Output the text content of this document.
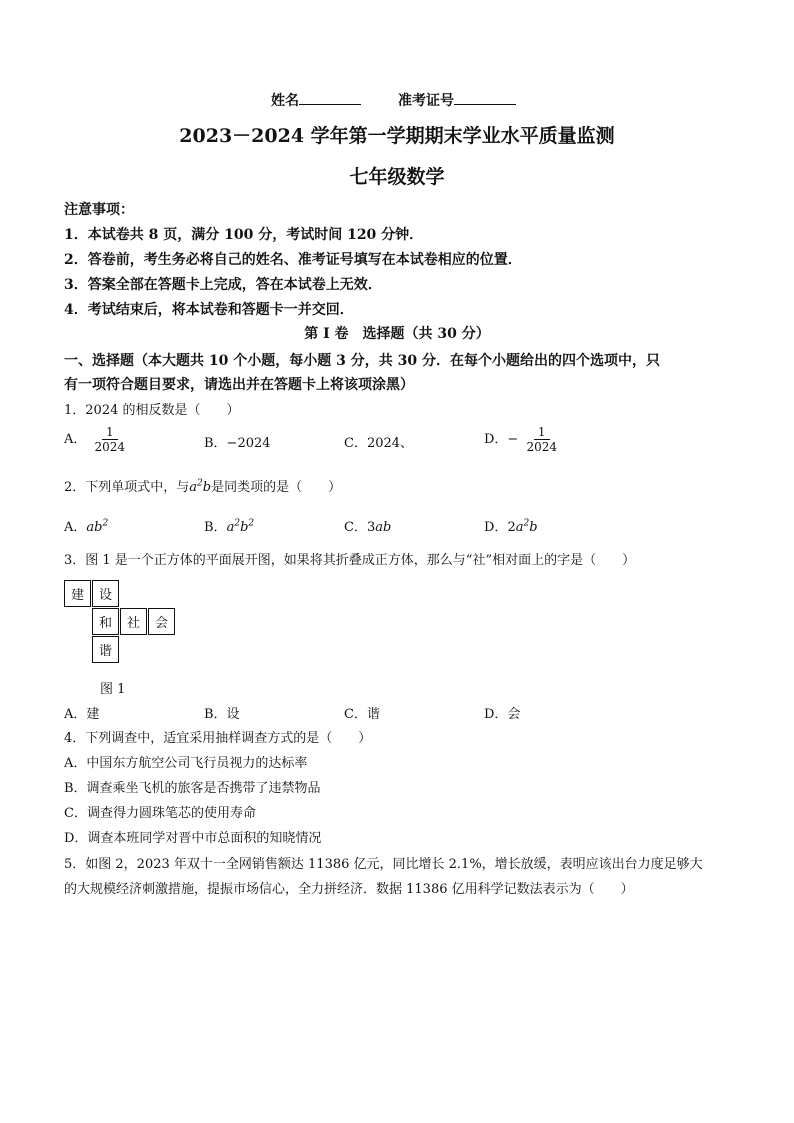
姓名	准考证号
2023－2024 学年第一学期期末学业水平质量监测
七年级数学
注意事项：
1．本试卷共 8 页，满分 100 分，考试时间 120 分钟．
2．答卷前，考生务必将自己的姓名、准考证号填写在本试卷相应的位置．
3．答案全部在答题卡上完成，答在本试卷上无效．
4．考试结束后，将本试卷和答题卡一并交回．
第 I 卷　选择题（共 30 分）
一、选择题（本大题共 10 个小题，每小题 3 分，共 30 分．在每个小题给出的四个选项中，只
有一项符合题目要求，请选出并在答题卡上将该项涂黑）
1．2024 的相反数是（　　）
A． $\frac{1}{2024}$	B．−2024	C．2024、	D．− $\frac{1}{2024}$
2．下列单项式中，与$a^2b$是同类项的是（　　）
A．$ab^2$	B．$a^2b^2$	C．3ab	D．$2a^2b$
3．图 1 是一个正方体的平面展开图，如果将其折叠成正方体，那么与“社”相对面上的字是（　　）
建	设
和	社	会
谐
图 1
A．建	B．设	C．谐	D．会
4．下列调查中，适宜采用抽样调查方式的是（　　）
A．中国东方航空公司飞行员视力的达标率
B．调查乘坐飞机的旅客是否携带了违禁物品
C．调查得力圆珠笔芯的使用寿命
D．调查本班同学对晋中市总面积的知晓情况
5．如图 2，2023 年双十一全网销售额达 11386 亿元，同比增长 2.1%，增长放缓，表明应该出台力度足够大
的大规模经济刺激措施，提振市场信心，全力拼经济．数据 11386 亿用科学记数法表示为（　　）
